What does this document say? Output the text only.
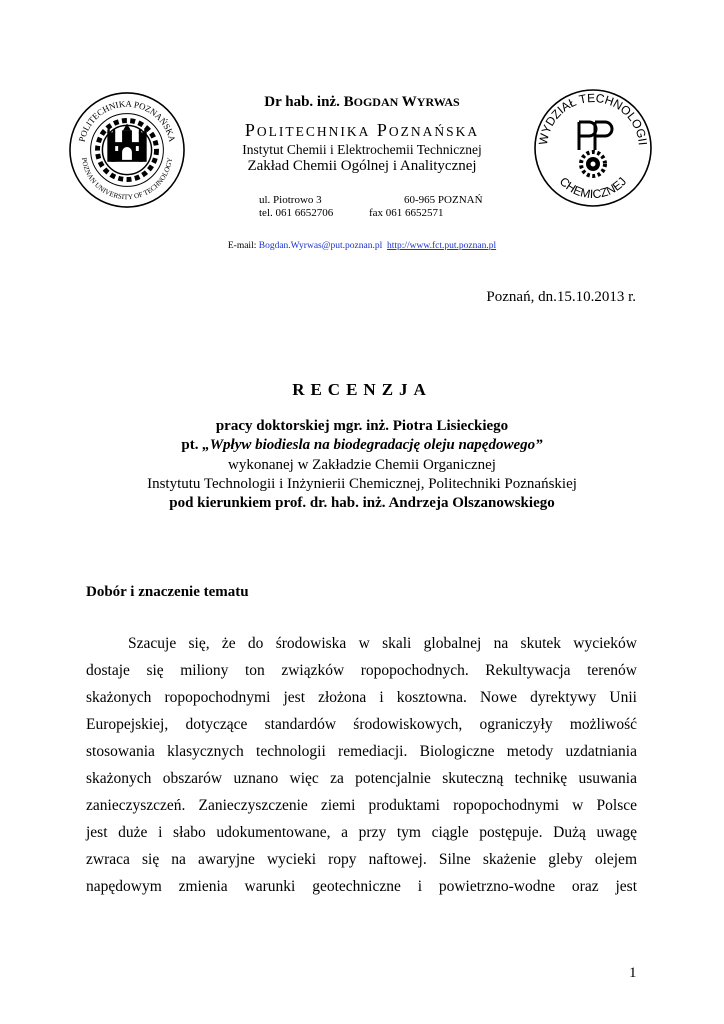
POLITECHNIKA POZNAŃSKA
POZNAN UNIVERSITY OF TECHNOLOGY
WYDZIAŁ TECHNOLOGII
CHEMICZNEJ
Dr hab. inż. BOGDAN WYRWAS
POLITECHNIKA POZNAŃSKA
Instytut Chemii i Elektrochemii Technicznej
Zakład Chemii Ogólnej i Analitycznej
ul. Piotrowo 3	60-965 POZNAŃ
tel. 061 6652706	fax 061 6652571
E-mail: Bogdan.Wyrwas@put.poznan.pl http://www.fct.put.poznan.pl
Poznań, dn.15.10.2013 r.
RECENZJA
pracy doktorskiej mgr. inż. Piotra Lisieckiego
pt. „Wpływ biodiesla na biodegradację oleju napędowego”
wykonanej w Zakładzie Chemii Organicznej
Instytutu Technologii i Inżynierii Chemicznej, Politechniki Poznańskiej
pod kierunkiem prof. dr. hab. inż. Andrzeja Olszanowskiego
Dobór i znaczenie tematu
Szacuje się, że do środowiska w skali globalnej na skutek wycieków
dostaje się miliony ton związków ropopochodnych. Rekultywacja terenów
skażonych ropopochodnymi jest złożona i kosztowna. Nowe dyrektywy Unii
Europejskiej, dotyczące standardów środowiskowych, ograniczyły możliwość
stosowania klasycznych technologii remediacji. Biologiczne metody uzdatniania
skażonych obszarów uznano więc za potencjalnie skuteczną technikę usuwania
zanieczyszczeń. Zanieczyszczenie ziemi produktami ropopochodnymi w Polsce
jest duże i słabo udokumentowane, a przy tym ciągle postępuje. Dużą uwagę
zwraca się na awaryjne wycieki ropy naftowej. Silne skażenie gleby olejem
napędowym zmienia warunki geotechniczne i powietrzno-wodne oraz jest
1
